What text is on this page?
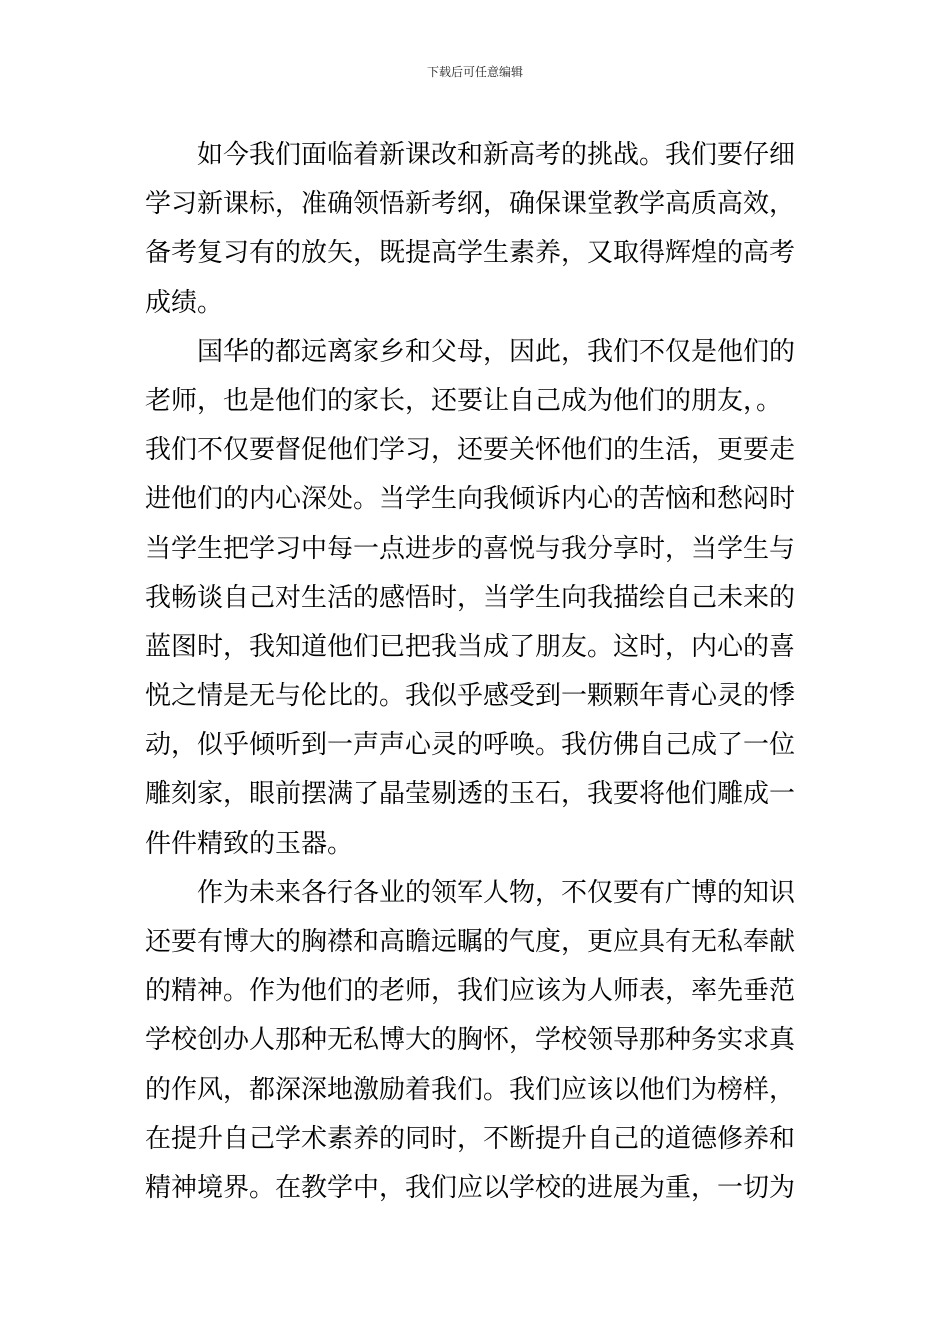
下载后可任意编辑
如今我们面临着新课改和新高考的挑战。我们要仔细
学习新课标，准确领悟新考纲，确保课堂教学高质高效，
备考复习有的放矢，既提高学生素养，又取得辉煌的高考
成绩。
国华的都远离家乡和父母，因此，我们不仅是他们的
老师，也是他们的家长，还要让自己成为他们的朋友，。
我们不仅要督促他们学习，还要关怀他们的生活，更要走
进他们的内心深处。当学生向我倾诉内心的苦恼和愁闷时
当学生把学习中每一点进步的喜悦与我分享时，当学生与
我畅谈自己对生活的感悟时，当学生向我描绘自己未来的
蓝图时，我知道他们已把我当成了朋友。这时，内心的喜
悦之情是无与伦比的。我似乎感受到一颗颗年青心灵的悸
动，似乎倾听到一声声心灵的呼唤。我仿佛自己成了一位
雕刻家，眼前摆满了晶莹剔透的玉石，我要将他们雕成一
件件精致的玉器。
作为未来各行各业的领军人物，不仅要有广博的知识
还要有博大的胸襟和高瞻远瞩的气度，更应具有无私奉献
的精神。作为他们的老师，我们应该为人师表，率先垂范
学校创办人那种无私博大的胸怀，学校领导那种务实求真
的作风，都深深地激励着我们。我们应该以他们为榜样，
在提升自己学术素养的同时，不断提升自己的道德修养和
精神境界。在教学中，我们应以学校的进展为重，一切为
